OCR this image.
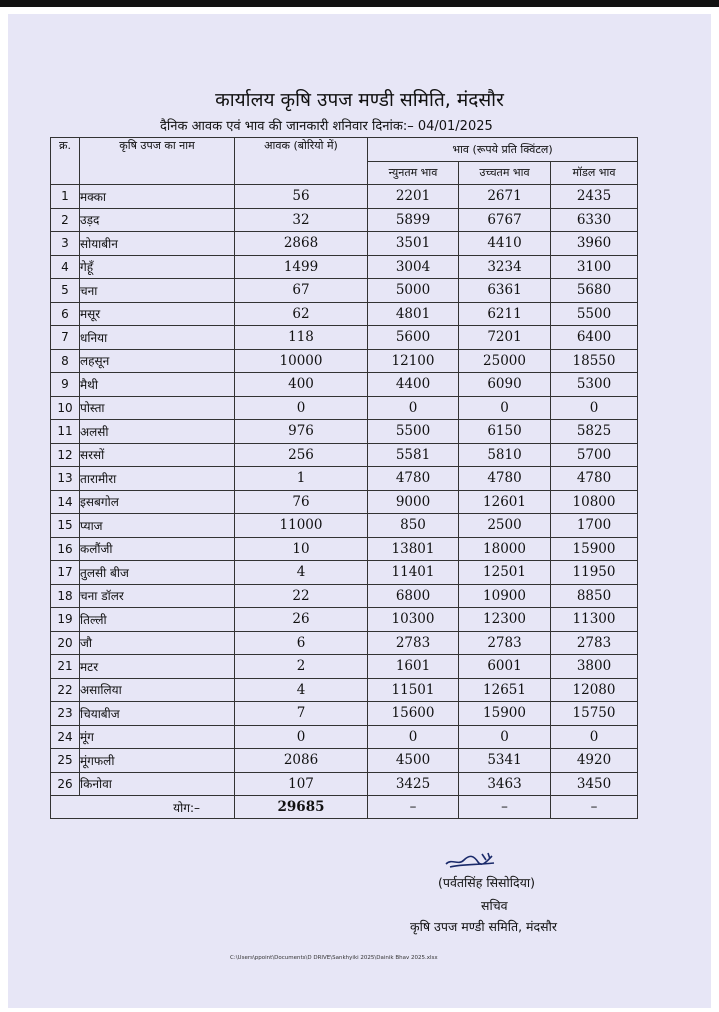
कार्यालय कृषि उपज मण्डी समिति, मंदसौर
दैनिक आवक एवं भाव की जानकारी शनिवार दिनांक:– 04/01/2025
क्र.	कृषि उपज का नाम	आवक (बोरियो में)	भाव (रूपये प्रति क्विंटल)		
			न्युनतम भाव	उच्चतम भाव	मॉडल भाव
1	मक्का	56	2201	2671	2435
2	उड़द	32	5899	6767	6330
3	सोयाबीन	2868	3501	4410	3960
4	गेहूँ	1499	3004	3234	3100
5	चना	67	5000	6361	5680
6	मसूर	62	4801	6211	5500
7	धनिया	118	5600	7201	6400
8	लहसून	10000	12100	25000	18550
9	मैथी	400	4400	6090	5300
10	पोस्ता	0	0	0	0
11	अलसी	976	5500	6150	5825
12	सरसों	256	5581	5810	5700
13	तारामीरा	1	4780	4780	4780
14	इसबगोल	76	9000	12601	10800
15	प्याज	11000	850	2500	1700
16	कलौंजी	10	13801	18000	15900
17	तुलसी बीज	4	11401	12501	11950
18	चना डॉलर	22	6800	10900	8850
19	तिल्ली	26	10300	12300	11300
20	जौ	6	2783	2783	2783
21	मटर	2	1601	6001	3800
22	असालिया	4	11501	12651	12080
23	चियाबीज	7	15600	15900	15750
24	मूंग	0	0	0	0
25	मूंगफली	2086	4500	5341	4920
26	किनोवा	107	3425	3463	3450
योग:–		29685	–	–	–
(पर्वतसिंह सिसोदिया)
सचिव
कृषि उपज मण्डी समिति, मंदसौर
C:\Users\ppoint\Documents\D DRIVE\Sankhyiki 2025\Dainik Bhav 2025.xlsx
